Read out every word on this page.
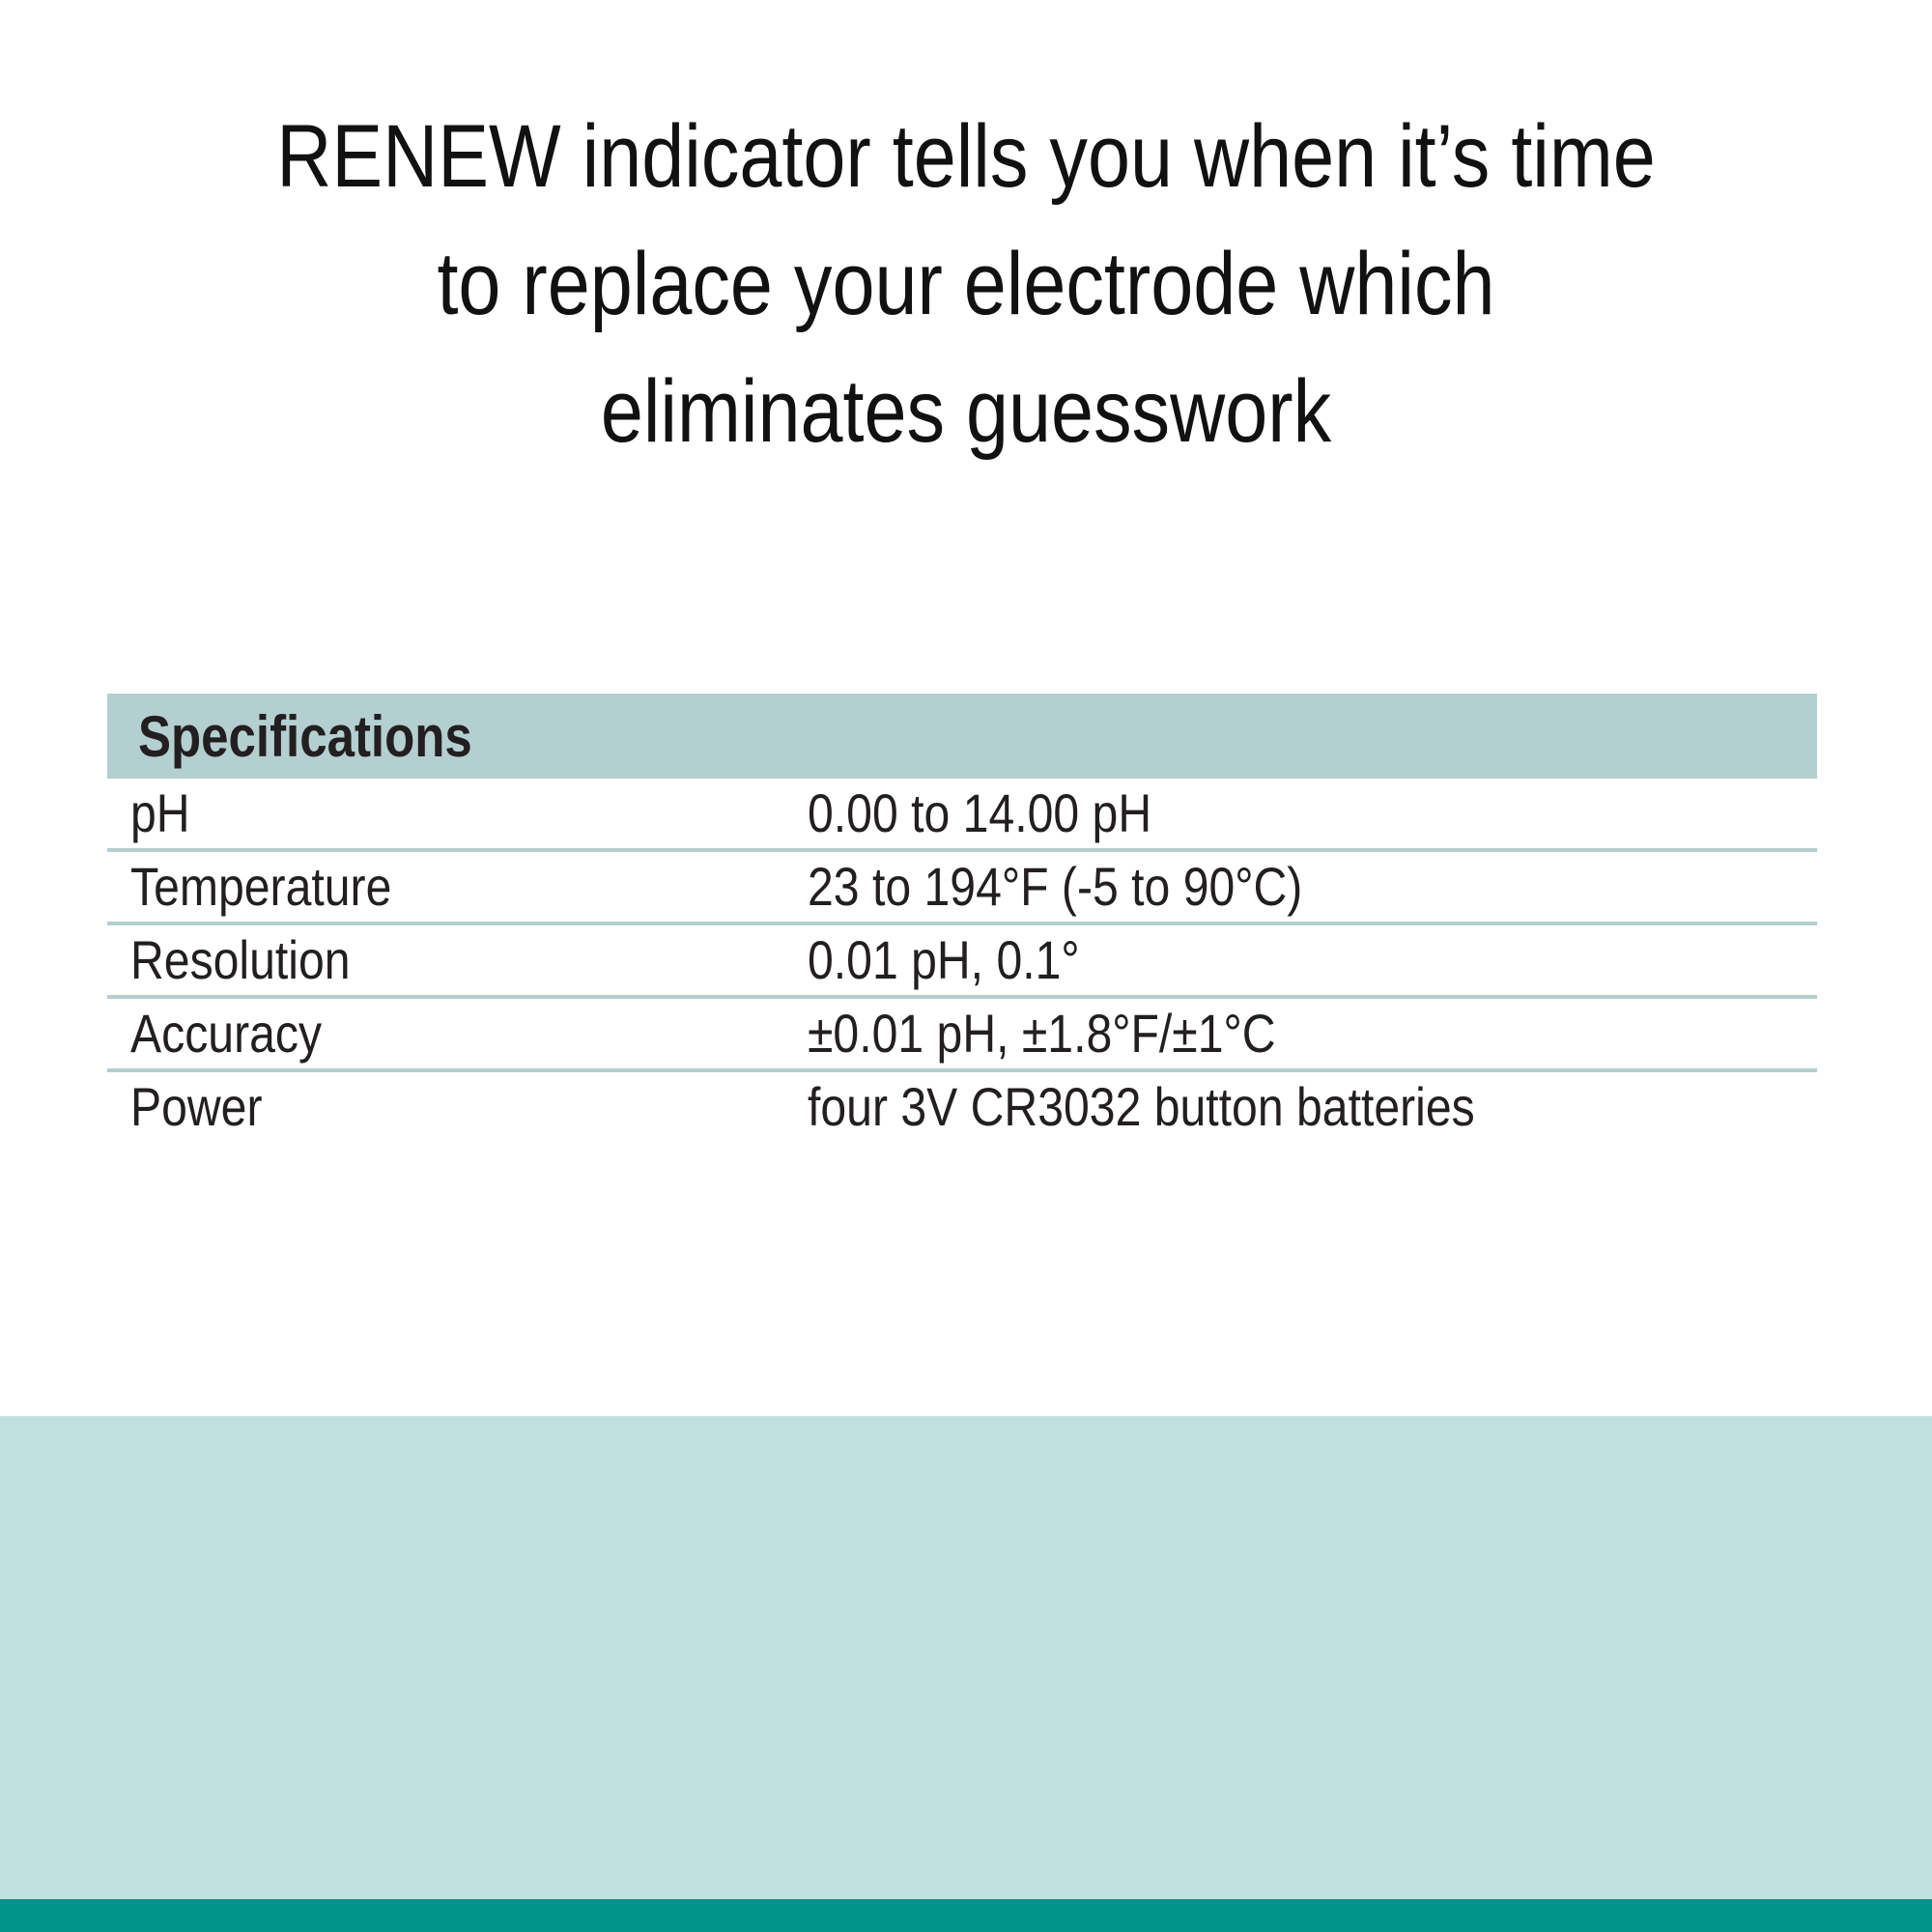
RENEW indicator tells you when it’s time
to replace your electrode which
eliminates guesswork
Specifications
pH	0.00 to 14.00 pH
Temperature	23 to 194°F (-5 to 90°C)
Resolution	0.01 pH, 0.1°
Accuracy	±0.01 pH, ±1.8°F/±1°C
Power	four 3V CR3032 button batteries
